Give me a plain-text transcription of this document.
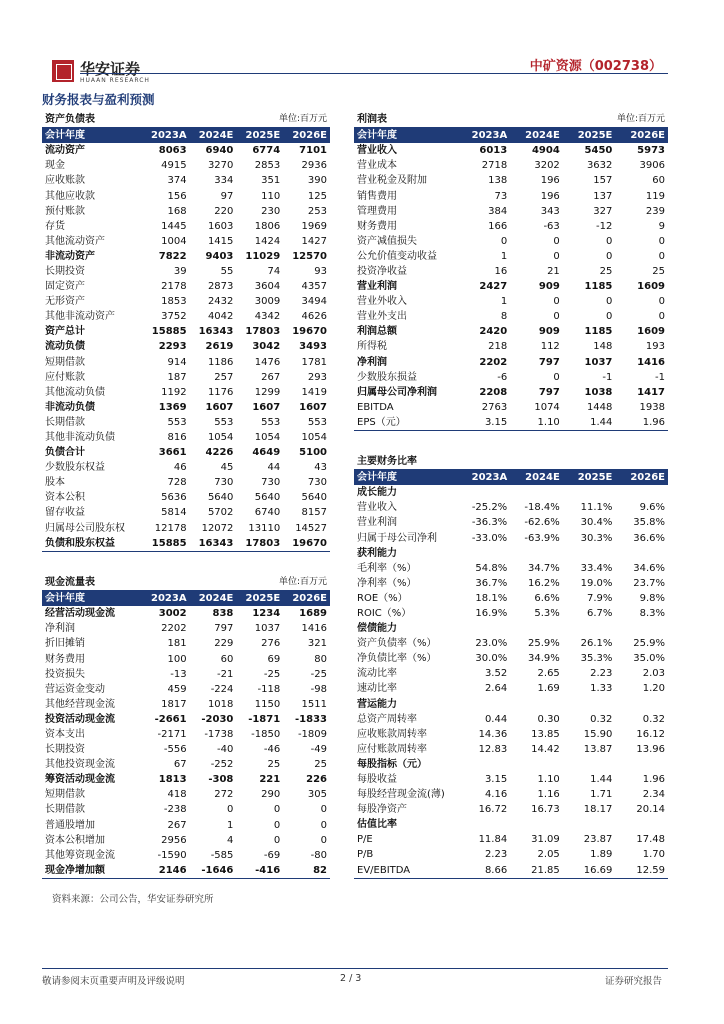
华安证券
HUAAN RESEARCH
中矿资源（002738）
财务报表与盈利预测
资产负债表			单位:百万元	
会计年度	2023A	2024E	2025E	2026E
流动资产	8063	6940	6774	7101
现金	4915	3270	2853	2936
应收账款	374	334	351	390
其他应收款	156	97	110	125
预付账款	168	220	230	253
存货	1445	1603	1806	1969
其他流动资产	1004	1415	1424	1427
非流动资产	7822	9403	11029	12570
长期投资	39	55	74	93
固定资产	2178	2873	3604	4357
无形资产	1853	2432	3009	3494
其他非流动资产	3752	4042	4342	4626
资产总计	15885	16343	17803	19670
流动负债	2293	2619	3042	3493
短期借款	914	1186	1476	1781
应付账款	187	257	267	293
其他流动负债	1192	1176	1299	1419
非流动负债	1369	1607	1607	1607
长期借款	553	553	553	553
其他非流动负债	816	1054	1054	1054
负债合计	3661	4226	4649	5100
少数股东权益	46	45	44	43
股本	728	730	730	730
资本公积	5636	5640	5640	5640
留存收益	5814	5702	6740	8157
归属母公司股东权	12178	12072	13110	14527
负债和股东权益	15885	16343	17803	19670
利润表			单位:百万元	
会计年度	2023A	2024E	2025E	2026E
营业收入	6013	4904	5450	5973
营业成本	2718	3202	3632	3906
营业税金及附加	138	196	157	60
销售费用	73	196	137	119
管理费用	384	343	327	239
财务费用	166	-63	-12	9
资产减值损失	0	0	0	0
公允价值变动收益	1	0	0	0
投资净收益	16	21	25	25
营业利润	2427	909	1185	1609
营业外收入	1	0	0	0
营业外支出	8	0	0	0
利润总额	2420	909	1185	1609
所得税	218	112	148	193
净利润	2202	797	1037	1416
少数股东损益	-6	0	-1	-1
归属母公司净利润	2208	797	1038	1417
EBITDA	2763	1074	1448	1938
EPS（元）	3.15	1.10	1.44	1.96
现金流量表			单位:百万元	
会计年度	2023A	2024E	2025E	2026E
经营活动现金流	3002	838	1234	1689
净利润	2202	797	1037	1416
折旧摊销	181	229	276	321
财务费用	100	60	69	80
投资损失	-13	-21	-25	-25
营运资金变动	459	-224	-118	-98
其他经营现金流	1817	1018	1150	1511
投资活动现金流	-2661	-2030	-1871	-1833
资本支出	-2171	-1738	-1850	-1809
长期投资	-556	-40	-46	-49
其他投资现金流	67	-252	25	25
筹资活动现金流	1813	-308	221	226
短期借款	418	272	290	305
长期借款	-238	0	0	0
普通股增加	267	1	0	0
资本公积增加	2956	4	0	0
其他筹资现金流	-1590	-585	-69	-80
现金净增加额	2146	-1646	-416	82
主要财务比率				
会计年度	2023A	2024E	2025E	2026E
成长能力				
营业收入	-25.2%	-18.4%	11.1%	9.6%
营业利润	-36.3%	-62.6%	30.4%	35.8%
归属于母公司净利	-33.0%	-63.9%	30.3%	36.6%
获利能力				
毛利率（%）	54.8%	34.7%	33.4%	34.6%
净利率（%）	36.7%	16.2%	19.0%	23.7%
ROE（%）	18.1%	6.6%	7.9%	9.8%
ROIC（%）	16.9%	5.3%	6.7%	8.3%
偿债能力				
资产负债率（%）	23.0%	25.9%	26.1%	25.9%
净负债比率（%）	30.0%	34.9%	35.3%	35.0%
流动比率	3.52	2.65	2.23	2.03
速动比率	2.64	1.69	1.33	1.20
营运能力				
总资产周转率	0.44	0.30	0.32	0.32
应收账款周转率	14.36	13.85	15.90	16.12
应付账款周转率	12.83	14.42	13.87	13.96
每股指标（元）				
每股收益	3.15	1.10	1.44	1.96
每股经营现金流(薄)	4.16	1.16	1.71	2.34
每股净资产	16.72	16.73	18.17	20.14
估值比率				
P/E	11.84	31.09	23.87	17.48
P/B	2.23	2.05	1.89	1.70
EV/EBITDA	8.66	21.85	16.69	12.59
资料来源：公司公告，华安证券研究所
敬请参阅末页重要声明及评级说明	2 / 3	证券研究报告
